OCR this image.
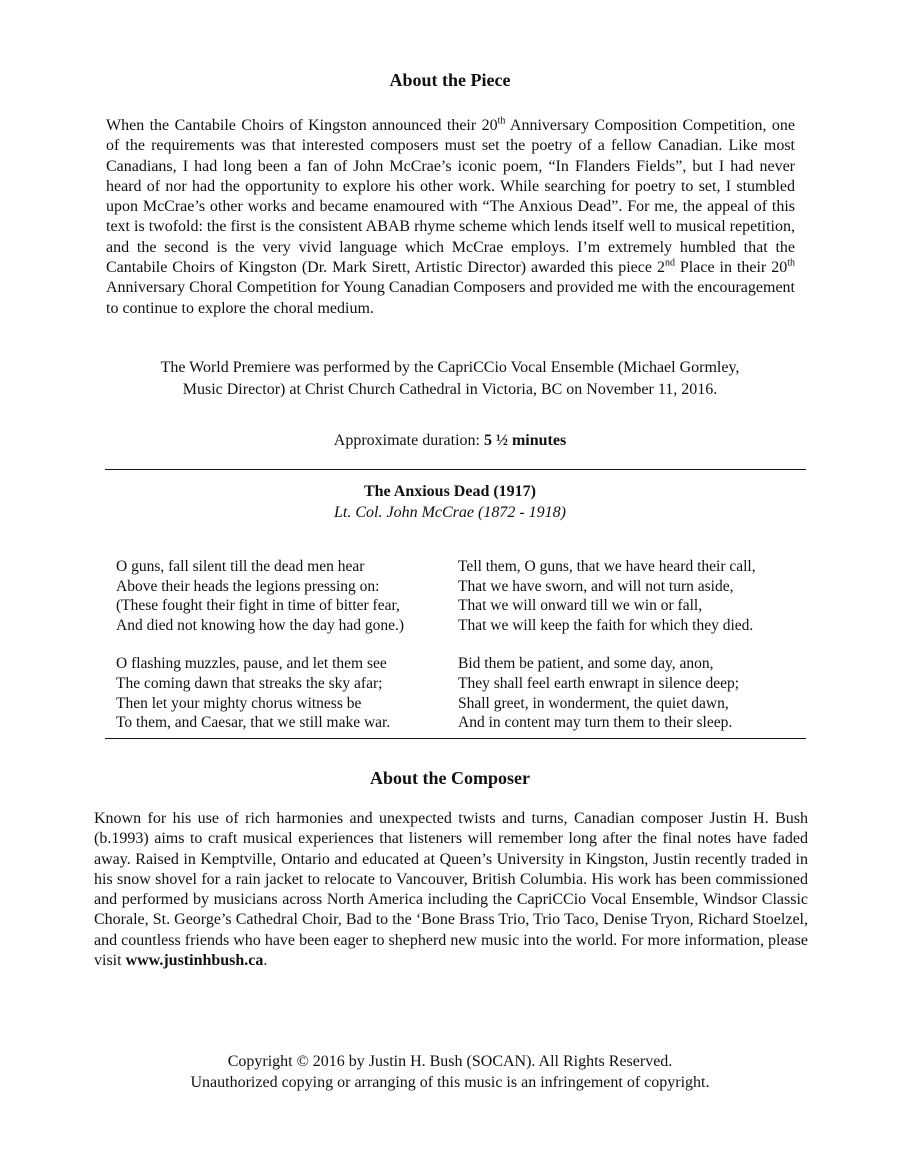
About the Piece

When the Cantabile Choirs of Kingston announced their 20th Anniversary Composition Competition, one of the requirements was that interested composers must set the poetry of a fellow Canadian. Like most Canadians, I had long been a fan of John McCrae’s iconic poem, “In Flanders Fields”, but I had never heard of nor had the opportunity to explore his other work. While searching for poetry to set, I stumbled upon McCrae’s other works and became enamoured with “The Anxious Dead”. For me, the appeal of this text is twofold: the first is the consistent ABAB rhyme scheme which lends itself well to musical repetition, and the second is the very vivid language which McCrae employs. I’m extremely humbled that the Cantabile Choirs of Kingston (Dr. Mark Sirett, Artistic Director) awarded this piece 2nd Place in their 20th Anniversary Choral Competition for Young Canadian Composers and provided me with the encouragement to continue to explore the choral medium.

The World Premiere was performed by the CapriCCio Vocal Ensemble (Michael Gormley,
Music Director) at Christ Church Cathedral in Victoria, BC on November 11, 2016.
Approximate duration: 5 ½ minutes
The Anxious Dead (1917)
Lt. Col. John McCrae (1872 - 1918)
O guns, fall silent till the dead men hear
Above their heads the legions pressing on:
(These fought their fight in time of bitter fear,
And died not knowing how the day had gone.)
O flashing muzzles, pause, and let them see
The coming dawn that streaks the sky afar;
Then let your mighty chorus witness be
To them, and Caesar, that we still make war.
Tell them, O guns, that we have heard their call,
That we have sworn, and will not turn aside,
That we will onward till we win or fall,
That we will keep the faith for which they died.
Bid them be patient, and some day, anon,
They shall feel earth enwrapt in silence deep;
Shall greet, in wonderment, the quiet dawn,
And in content may turn them to their sleep.
About the Composer

Known for his use of rich harmonies and unexpected twists and turns, Canadian composer Justin H. Bush (b.1993) aims to craft musical experiences that listeners will remember long after the final notes have faded away. Raised in Kemptville, Ontario and educated at Queen’s University in Kingston, Justin recently traded in his snow shovel for a rain jacket to relocate to Vancouver, British Columbia. His work has been commissioned and performed by musicians across North America including the CapriCCio Vocal Ensemble, Windsor Classic Chorale, St. George’s Cathedral Choir, Bad to the ‘Bone Brass Trio, Trio Taco, Denise Tryon, Richard Stoelzel, and countless friends who have been eager to shepherd new music into the world. For more information, please visit www.justinhbush.ca.

Copyright © 2016 by Justin H. Bush (SOCAN). All Rights Reserved.
Unauthorized copying or arranging of this music is an infringement of copyright.
